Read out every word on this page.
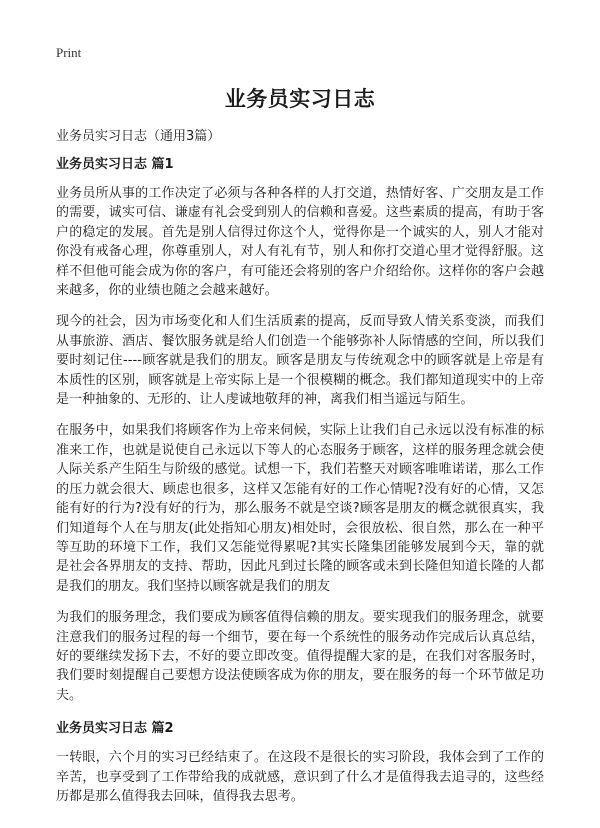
Print
业务员实习日志
业务员实习日志（通用3篇）
业务员实习日志 篇1

业务员所从事的工作决定了必须与各种各样的人打交道，热情好客、广交朋友是工作的需要，诚实可信、谦虚有礼会受到别人的信赖和喜爱。这些素质的提高，有助于客户的稳定的发展。首先是别人信得过你这个人，觉得你是一个诚实的人，别人才能对你没有戒备心理，你尊重别人，对人有礼有节，别人和你打交道心里才觉得舒服。这样不但他可能会成为你的客户，有可能还会将别的客户介绍给你。这样你的客户会越来越多，你的业绩也随之会越来越好。

现今的社会，因为市场变化和人们生活质素的提高，反而导致人情关系变淡，而我们从事旅游、酒店、餐饮服务就是给人们创造一个能够弥补人际情感的空间，所以我们要时刻记住----顾客就是我们的朋友。顾客是朋友与传统观念中的顾客就是上帝是有本质性的区别，顾客就是上帝实际上是一个很模糊的概念。我们都知道现实中的上帝是一种抽象的、无形的、让人虔诚地敬拜的神，离我们相当遥远与陌生。

在服务中，如果我们将顾客作为上帝来伺候，实际上让我们自己永远以没有标准的标准来工作，也就是说使自己永远以下等人的心态服务于顾客，这样的服务理念就会使人际关系产生陌生与阶级的感觉。试想一下，我们若整天对顾客唯唯诺诺，那么工作的压力就会很大、顾虑也很多，这样又怎能有好的工作心情呢?没有好的心情，又怎能有好的行为?没有好的行为，那么服务不就是空谈?顾客是朋友的概念就很真实，我们知道每个人在与朋友(此处指知心朋友)相处时，会很放松、很自然，那么在一种平等互助的环境下工作，我们又怎能觉得累呢?其实长隆集团能够发展到今天，靠的就是社会各界朋友的支持、帮助，因此凡到过长隆的顾客或未到长隆但知道长隆的人都是我们的朋友。我们坚持以顾客就是我们的朋友

为我们的服务理念，我们要成为顾客值得信赖的朋友。要实现我们的服务理念，就要注意我们的服务过程的每一个细节，要在每一个系统性的服务动作完成后认真总结，好的要继续发扬下去，不好的要立即改变。值得提醒大家的是，在我们对客服务时，我们要时刻提醒自己要想方设法使顾客成为你的朋友，要在服务的每一个环节做足功夫。

业务员实习日志 篇2

一转眼，六个月的实习已经结束了。在这段不是很长的实习阶段，我体会到了工作的辛苦，也享受到了工作带给我的成就感，意识到了什么才是值得我去追寻的，这些经历都是那么值得我去回味，值得我去思考。
